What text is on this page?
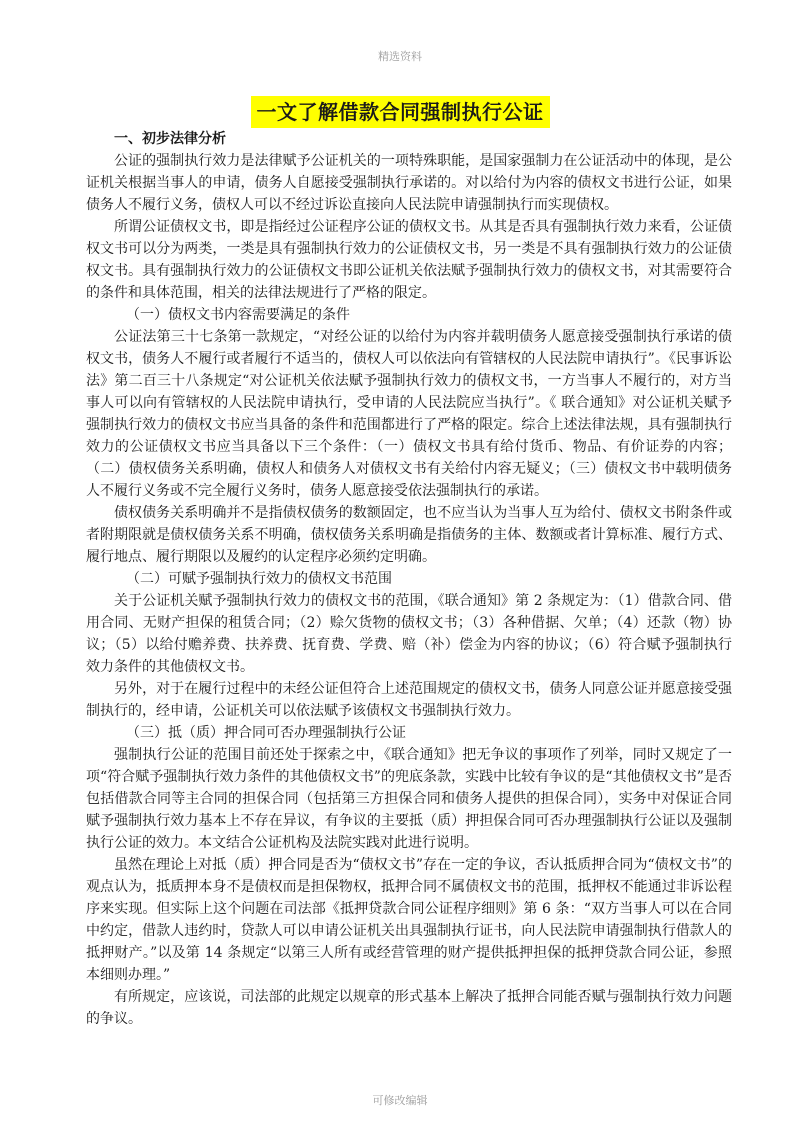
精选资料
一文了解借款合同强制执行公证

一、初步法律分析

公证的强制执行效力是法律赋予公证机关的一项特殊职能，是国家强制力在公证活动中的体现，是公证机关根据当事人的申请，债务人自愿接受强制执行承诺的。对以给付为内容的债权文书进行公证，如果债务人不履行义务，债权人可以不经过诉讼直接向人民法院申请强制执行而实现债权。

所谓公证债权文书，即是指经过公证程序公证的债权文书。从其是否具有强制执行效力来看，公证债权文书可以分为两类，一类是具有强制执行效力的公证债权文书，另一类是不具有强制执行效力的公证债权文书。具有强制执行效力的公证债权文书即公证机关依法赋予强制执行效力的债权文书，对其需要符合的条件和具体范围，相关的法律法规进行了严格的限定。

（一）债权文书内容需要满足的条件

公证法第三十七条第一款规定，“对经公证的以给付为内容并载明债务人愿意接受强制执行承诺的债权文书，债务人不履行或者履行不适当的，债权人可以依法向有管辖权的人民法院申请执行”。《民事诉讼法》第二百三十八条规定“对公证机关依法赋予强制执行效力的债权文书，一方当事人不履行的，对方当事人可以向有管辖权的人民法院申请执行，受申请的人民法院应当执行”。《 联合通知》对公证机关赋予强制执行效力的债权文书应当具备的条件和范围都进行了严格的限定。综合上述法律法规，具有强制执行效力的公证债权文书应当具备以下三个条件：（一）债权文书具有给付货币、物品、有价证券的内容；（二）债权债务关系明确，债权人和债务人对债权文书有关给付内容无疑义；（三）债权文书中载明债务人不履行义务或不完全履行义务时，债务人愿意接受依法强制执行的承诺。

债权债务关系明确并不是指债权债务的数额固定，也不应当认为当事人互为给付、债权文书附条件或者附期限就是债权债务关系不明确，债权债务关系明确是指债务的主体、数额或者计算标准、履行方式、履行地点、履行期限以及履约的认定程序必须约定明确。

（二）可赋予强制执行效力的债权文书范围

关于公证机关赋予强制执行效力的债权文书的范围，《联合通知》第 2 条规定为：（1）借款合同、借用合同、无财产担保的租赁合同；（2）赊欠货物的债权文书；（3）各种借据、欠单；（4）还款（物）协议；（5）以给付赡养费、扶养费、抚育费、学费、赔（补）偿金为内容的协议；（6）符合赋予强制执行效力条件的其他债权文书。

另外，对于在履行过程中的未经公证但符合上述范围规定的债权文书，债务人同意公证并愿意接受强制执行的，经申请，公证机关可以依法赋予该债权文书强制执行效力。

（三）抵（质）押合同可否办理强制执行公证

强制执行公证的范围目前还处于探索之中，《联合通知》把无争议的事项作了列举，同时又规定了一项“符合赋予强制执行效力条件的其他债权文书”的兜底条款，实践中比较有争议的是“其他债权文书”是否包括借款合同等主合同的担保合同（包括第三方担保合同和债务人提供的担保合同），实务中对保证合同赋予强制执行效力基本上不存在异议，有争议的主要抵（质）押担保合同可否办理强制执行公证以及强制执行公证的效力。本文结合公证机构及法院实践对此进行说明。

虽然在理论上对抵（质）押合同是否为“债权文书”存在一定的争议，否认抵质押合同为“债权文书”的观点认为，抵质押本身不是债权而是担保物权，抵押合同不属债权文书的范围，抵押权不能通过非诉讼程序来实现。但实际上这个问题在司法部《抵押贷款合同公证程序细则》第 6 条：“双方当事人可以在合同中约定，借款人违约时，贷款人可以申请公证机关出具强制执行证书，向人民法院申请强制执行借款人的抵押财产。”以及第 14 条规定“以第三人所有或经营管理的财产提供抵押担保的抵押贷款合同公证，参照本细则办理。”

有所规定，应该说，司法部的此规定以规章的形式基本上解决了抵押合同能否赋与强制执行效力问题的争议。

可修改编辑
